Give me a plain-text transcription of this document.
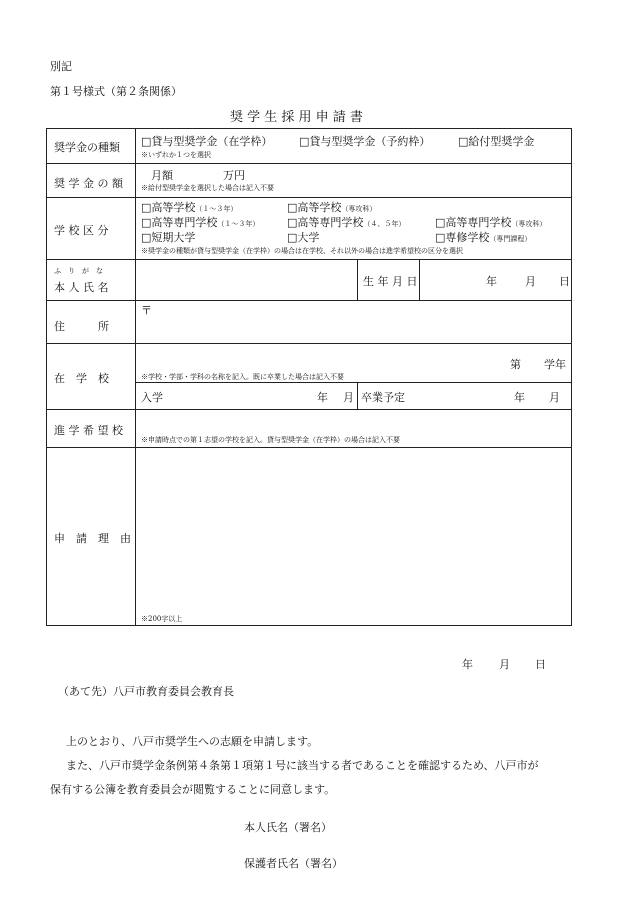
別記
第１号様式（第２条関係）
奨 学 生 採 用 申 請 書
奨学金の種類 □貸与型奨学金（在学枠） □貸与型奨学金（予約枠）	□給付型奨学金
※いずれか１つを選択
奨 学 金 の 額
月額	万円
※給付型奨学金を選択した場合は記入不要
学 校 区 分
□高等学校（１～３年）	□高等学校（専攻科）
□高等専門学校（１～３年）	□高等専門学校（４、５年）	□高等専門学校（専攻科）
□短期大学	□大学	□専修学校（専門課程）
※奨学金の種類が貸与型奨学金（在学枠）の場合は在学校、それ以外の場合は進学希望校の区分を選択
ふ　り　が　な
本 人 氏 名	生 年 月 日	年	月 日
住　　　所
〒
在　学　校
第 学年
※学校・学部・学科の名称を記入。既に卒業した場合は記入不要
入学	年 月 卒業予定	年 月
進 学 希 望 校
※申請時点での第１志望の学校を記入。貸与型奨学金（在学枠）の場合は記入不要
申　請　理　由
※200字以上
年 月 日
（あて先）八戸市教育委員会教育長
上のとおり、八戸市奨学生への志願を申請します。
また、八戸市奨学金条例第４条第１項第１号に該当する者であることを確認するため、八戸市が
保有する公簿を教育委員会が閲覧することに同意します。
本人氏名（署名）
保護者氏名（署名）
